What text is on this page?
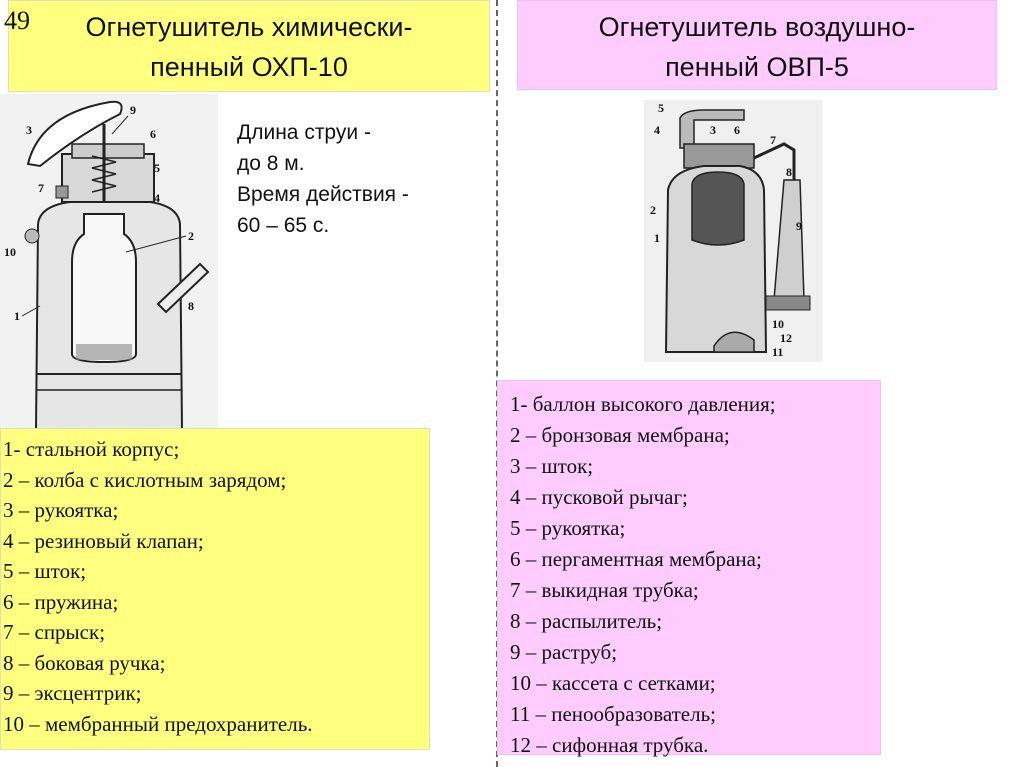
Огнетушитель химически-
пенный ОХП-10
49	Огнетушитель воздушно-
пенный ОВП-5
9
3	6
5
7
4
2
10
8
1
Длина струи -
до 8 м.
Время действия -
60 – 65 с.
1- стальной корпус;
2 – колба с кислотным зарядом;
3 – рукоятка;
4 – резиновый клапан;
5 – шток;
6 – пружина;
7 – спрыск;
8 – боковая ручка;
9 – эксцентрик;
10 – мембранный предохранитель.
5
4	3 6
7
8
2
1
9
10
12
11
1- баллон высокого давления;
2 – бронзовая мембрана;
3 – шток;
4 – пусковой рычаг;
5 – рукоятка;
6 – пергаментная мембрана;
7 – выкидная трубка;
8 – распылитель;
9 – раструб;
10 – кассета с сетками;
11 – пенообразователь;
12 – сифонная трубка.
